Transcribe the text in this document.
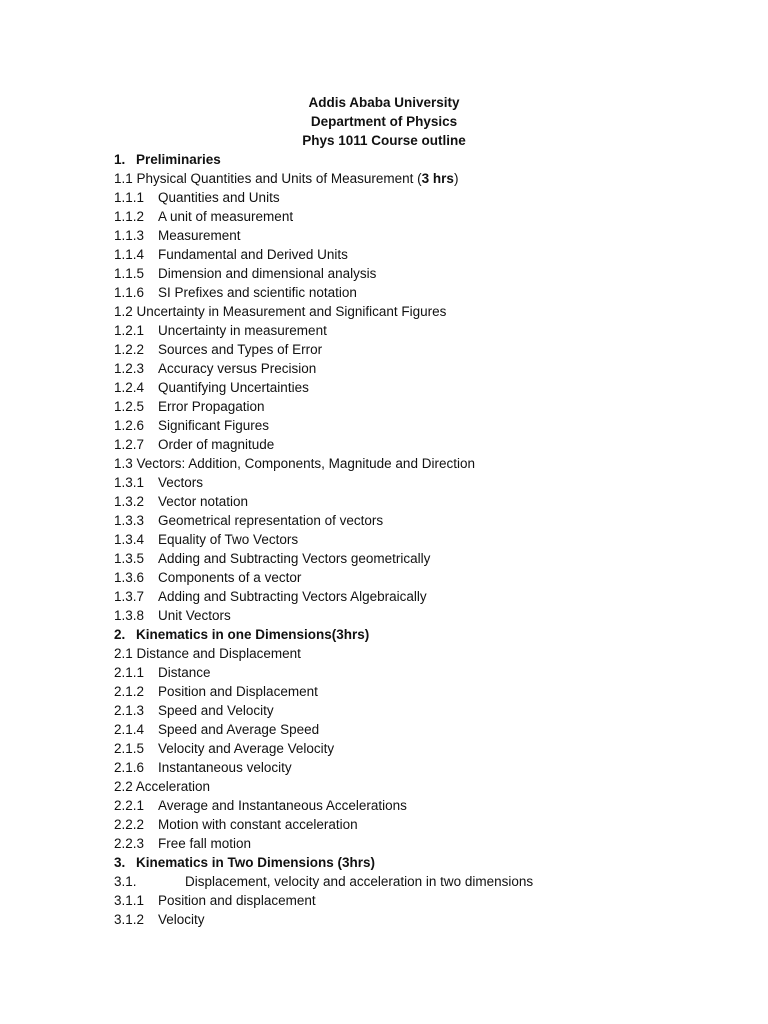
Addis Ababa University
Department of Physics
Phys 1011 Course outline
1. Preliminaries
1.1 Physical Quantities and Units of Measurement (3 hrs)
1.1.1 Quantities and Units
1.1.2 A unit of measurement
1.1.3 Measurement
1.1.4 Fundamental and Derived Units
1.1.5 Dimension and dimensional analysis
1.1.6 SI Prefixes and scientific notation
1.2 Uncertainty in Measurement and Significant Figures
1.2.1 Uncertainty in measurement
1.2.2 Sources and Types of Error
1.2.3 Accuracy versus Precision
1.2.4 Quantifying Uncertainties
1.2.5 Error Propagation
1.2.6 Significant Figures
1.2.7 Order of magnitude
1.3 Vectors: Addition, Components, Magnitude and Direction
1.3.1 Vectors
1.3.2 Vector notation
1.3.3 Geometrical representation of vectors
1.3.4 Equality of Two Vectors
1.3.5 Adding and Subtracting Vectors geometrically
1.3.6 Components of a vector
1.3.7 Adding and Subtracting Vectors Algebraically
1.3.8 Unit Vectors
2. Kinematics in one Dimensions(3hrs)
2.1 Distance and Displacement
2.1.1 Distance
2.1.2 Position and Displacement
2.1.3 Speed and Velocity
2.1.4 Speed and Average Speed
2.1.5 Velocity and Average Velocity
2.1.6 Instantaneous velocity
2.2 Acceleration
2.2.1 Average and Instantaneous Accelerations
2.2.2 Motion with constant acceleration
2.2.3 Free fall motion
3. Kinematics in Two Dimensions (3hrs)
3.1.	Displacement, velocity and acceleration in two dimensions
3.1.1 Position and displacement
3.1.2 Velocity
